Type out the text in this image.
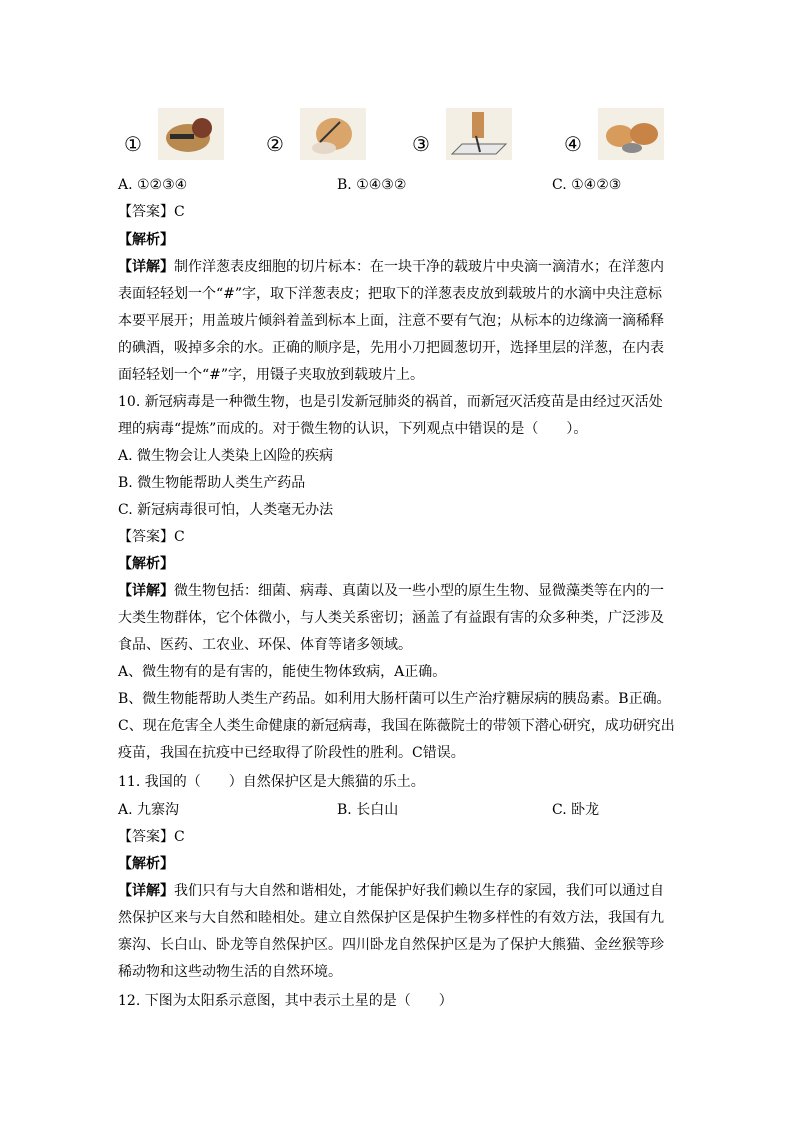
①	②	③	④
A. ①②③④	B. ①④③②	C. ①④②③
【答案】C
【解析】
【详解】制作洋葱表皮细胞的切片标本：在一块干净的载玻片中央滴一滴清水；在洋葱内
表面轻轻划一个“#”字，取下洋葱表皮；把取下的洋葱表皮放到载玻片的水滴中央注意标
本要平展开；用盖玻片倾斜着盖到标本上面，注意不要有气泡；从标本的边缘滴一滴稀释
的碘酒，吸掉多余的水。正确的顺序是，先用小刀把圆葱切开，选择里层的洋葱，在内表
面轻轻划一个“#”字，用镊子夹取放到载玻片上。
10. 新冠病毒是一种微生物，也是引发新冠肺炎的祸首，而新冠灭活疫苗是由经过灭活处
理的病毒“提炼”而成的。对于微生物的认识，下列观点中错误的是（　　）。
A. 微生物会让人类染上凶险的疾病
B. 微生物能帮助人类生产药品
C. 新冠病毒很可怕，人类毫无办法
【答案】C
【解析】
【详解】微生物包括：细菌、病毒、真菌以及一些小型的原生生物、显微藻类等在内的一
大类生物群体，它个体微小，与人类关系密切；涵盖了有益跟有害的众多种类，广泛涉及
食品、医药、工农业、环保、体育等诸多领域。
A、微生物有的是有害的，能使生物体致病，A正确。
B、微生物能帮助人类生产药品。如利用大肠杆菌可以生产治疗糖尿病的胰岛素。B正确。
C、现在危害全人类生命健康的新冠病毒，我国在陈薇院士的带领下潜心研究，成功研究出
疫苗，我国在抗疫中已经取得了阶段性的胜利。C错误。
11. 我国的（　　）自然保护区是大熊猫的乐土。
A. 九寨沟	B. 长白山	C. 卧龙
【答案】C
【解析】
【详解】我们只有与大自然和谐相处，才能保护好我们赖以生存的家园，我们可以通过自
然保护区来与大自然和睦相处。建立自然保护区是保护生物多样性的有效方法，我国有九
寨沟、长白山、卧龙等自然保护区。四川卧龙自然保护区是为了保护大熊猫、金丝猴等珍
稀动物和这些动物生活的自然环境。
12. 下图为太阳系示意图，其中表示土星的是（　　）
